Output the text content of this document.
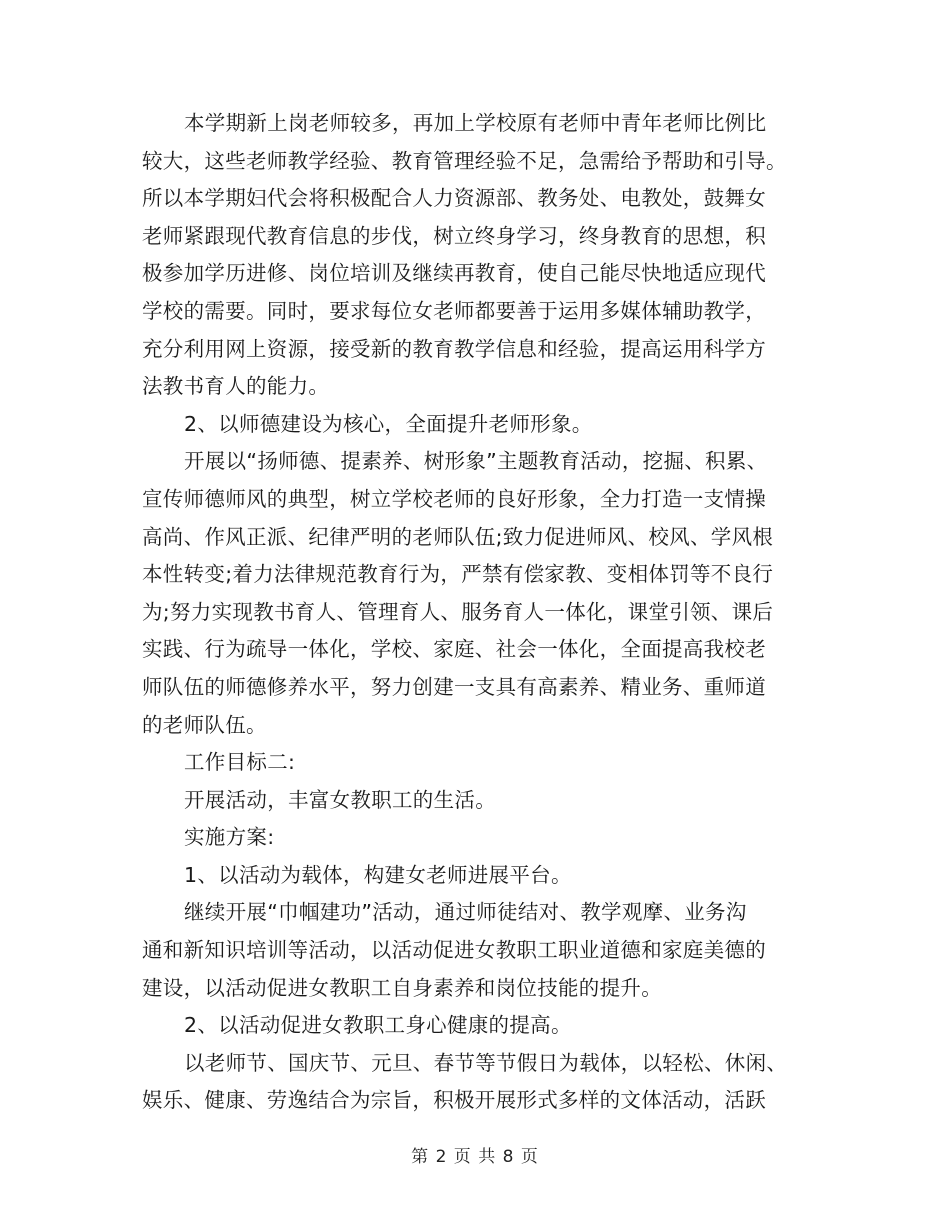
本学期新上岗老师较多，再加上学校原有老师中青年老师比例比
较大，这些老师教学经验、教育管理经验不足，急需给予帮助和引导。
所以本学期妇代会将积极配合人力资源部、教务处、电教处，鼓舞女
老师紧跟现代教育信息的步伐，树立终身学习，终身教育的思想，积
极参加学历进修、岗位培训及继续再教育，使自己能尽快地适应现代
学校的需要。同时，要求每位女老师都要善于运用多媒体辅助教学，
充分利用网上资源，接受新的教育教学信息和经验，提高运用科学方
法教书育人的能力。
2、以师德建设为核心，全面提升老师形象。
开展以“扬师德、提素养、树形象”主题教育活动，挖掘、积累、
宣传师德师风的典型，树立学校老师的良好形象，全力打造一支情操
高尚、作风正派、纪律严明的老师队伍;致力促进师风、校风、学风根
本性转变;着力法律规范教育行为，严禁有偿家教、变相体罚等不良行
为;努力实现教书育人、管理育人、服务育人一体化，课堂引领、课后
实践、行为疏导一体化，学校、家庭、社会一体化，全面提高我校老
师队伍的师德修养水平，努力创建一支具有高素养、精业务、重师道
的老师队伍。
工作目标二:
开展活动，丰富女教职工的生活。
实施方案:
1、以活动为载体，构建女老师进展平台。
继续开展“巾帼建功”活动，通过师徒结对、教学观摩、业务沟
通和新知识培训等活动，以活动促进女教职工职业道德和家庭美德的
建设，以活动促进女教职工自身素养和岗位技能的提升。
2、以活动促进女教职工身心健康的提高。
以老师节、国庆节、元旦、春节等节假日为载体，以轻松、休闲、
娱乐、健康、劳逸结合为宗旨，积极开展形式多样的文体活动，活跃
第 2 页 共 8 页
